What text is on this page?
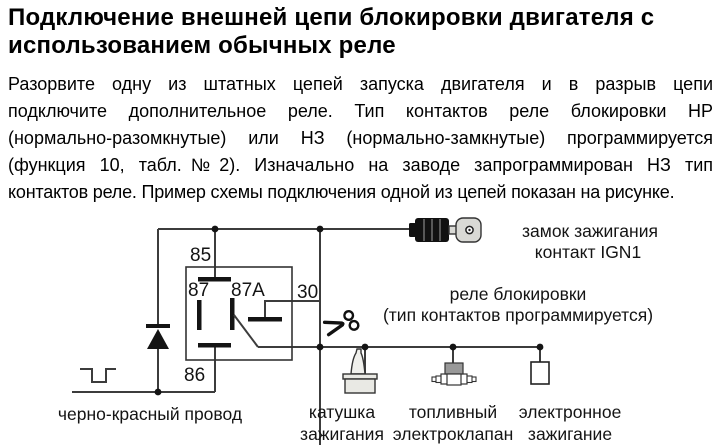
Подключение внешней цепи блокировки двигателя с
использованием обычных реле
Разорвите одну из штатных цепей запуска двигателя и в разрыв цепи
подключите дополнительное реле. Тип контактов реле блокировки НР
(нормально-разомкнутые) или НЗ (нормально-замкнутые) программируется
(функция 10, табл.№2). Изначально на заводе запрограммирован НЗ тип
контактов реле. Пример схемы подключения одной из цепей показан на рисунке.
85
87 87A 30
86
замок зажигания
контакт IGN1
реле блокировки
(тип контактов программируется)
черно-красный провод	катушка
зажигания
топливный
электроклапан
электронное
зажигание
